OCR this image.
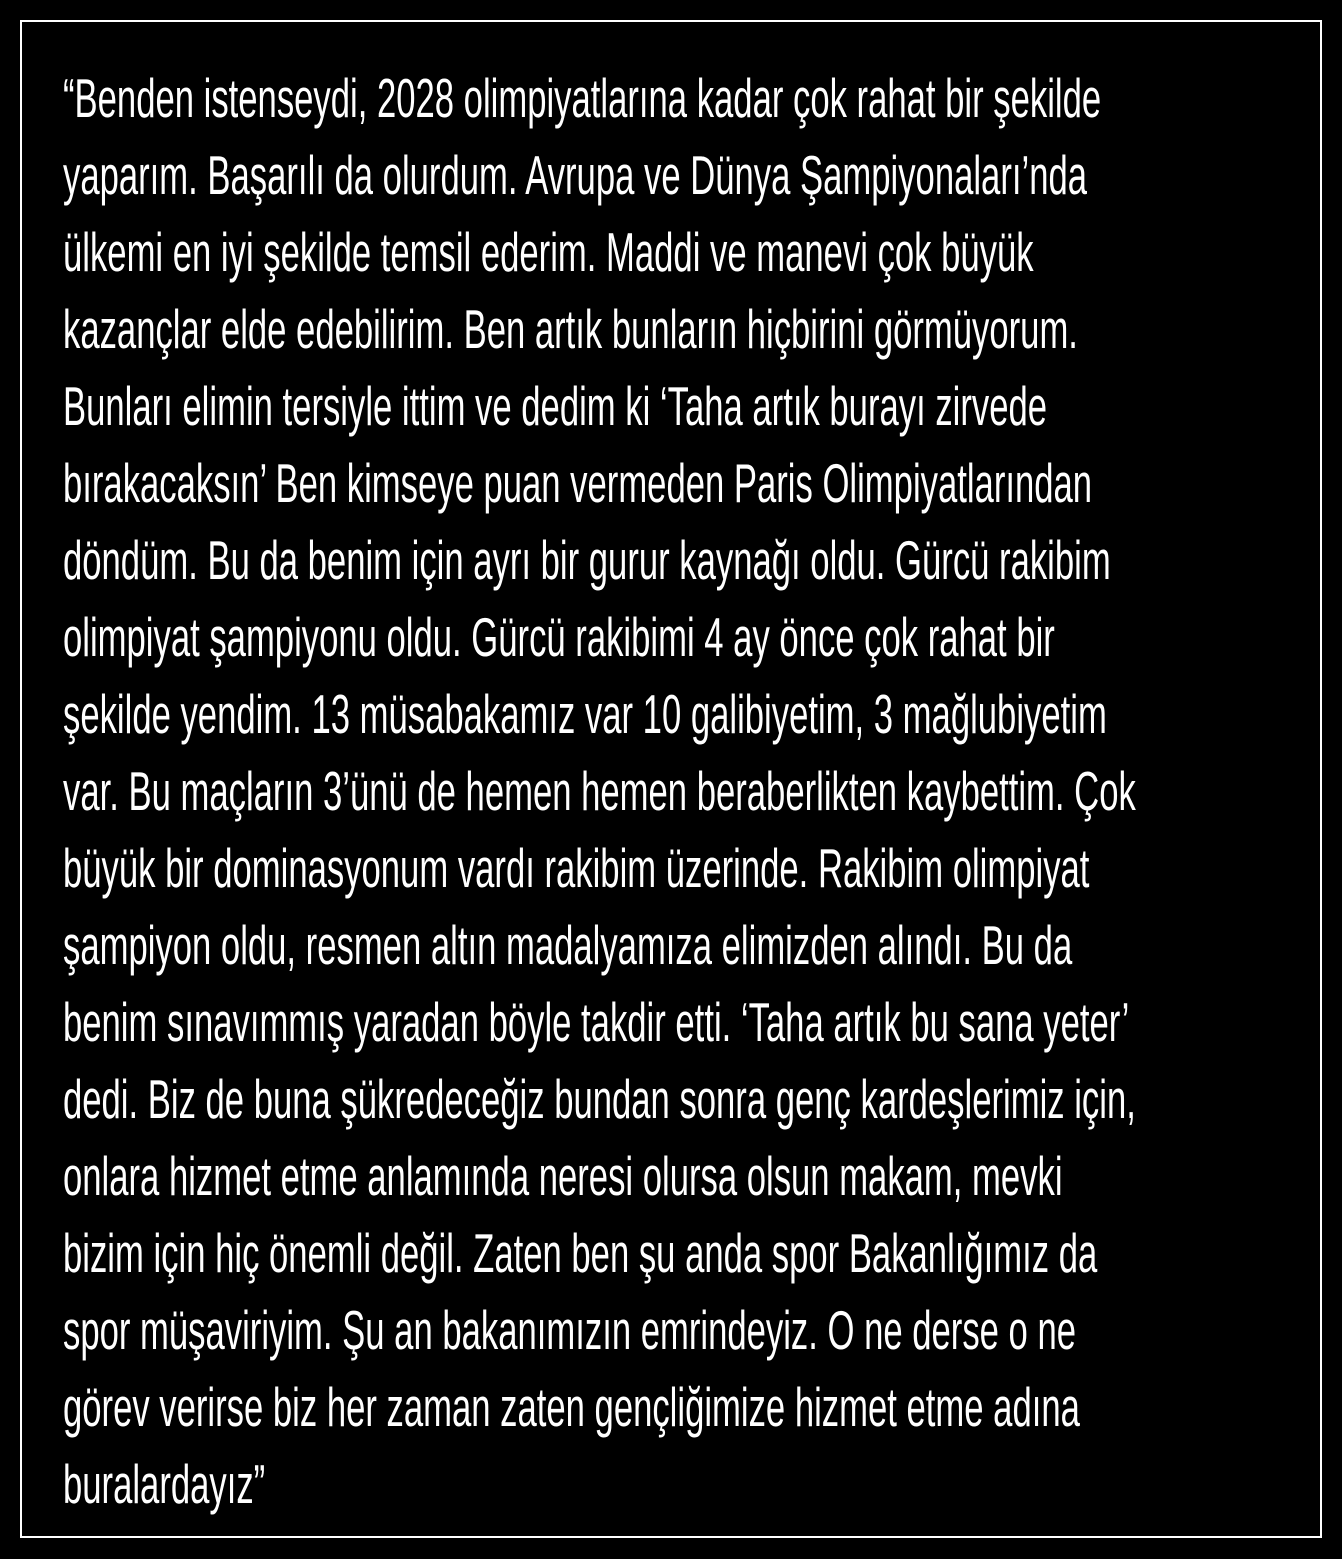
“Benden istenseydi, 2028 olimpiyatlarına kadar çok rahat bir şekilde
yaparım. Başarılı da olurdum. Avrupa ve Dünya Şampiyonaları’nda
ülkemi en iyi şekilde temsil ederim. Maddi ve manevi çok büyük
kazançlar elde edebilirim. Ben artık bunların hiçbirini görmüyorum.
Bunları elimin tersiyle ittim ve dedim ki ‘Taha artık burayı zirvede
bırakacaksın’ Ben kimseye puan vermeden Paris Olimpiyatlarından
döndüm. Bu da benim için ayrı bir gurur kaynağı oldu. Gürcü rakibim
olimpiyat şampiyonu oldu. Gürcü rakibimi 4 ay önce çok rahat bir
şekilde yendim. 13 müsabakamız var 10 galibiyetim, 3 mağlubiyetim
var. Bu maçların 3’ünü de hemen hemen beraberlikten kaybettim. Çok
büyük bir dominasyonum vardı rakibim üzerinde. Rakibim olimpiyat
şampiyon oldu, resmen altın madalyamıza elimizden alındı. Bu da
benim sınavımmış yaradan böyle takdir etti. ‘Taha artık bu sana yeter’
dedi. Biz de buna şükredeceğiz bundan sonra genç kardeşlerimiz için,
onlara hizmet etme anlamında neresi olursa olsun makam, mevki
bizim için hiç önemli değil. Zaten ben şu anda spor Bakanlığımız da
spor müşaviriyim. Şu an bakanımızın emrindeyiz. O ne derse o ne
görev verirse biz her zaman zaten gençliğimize hizmet etme adına
buralardayız”
